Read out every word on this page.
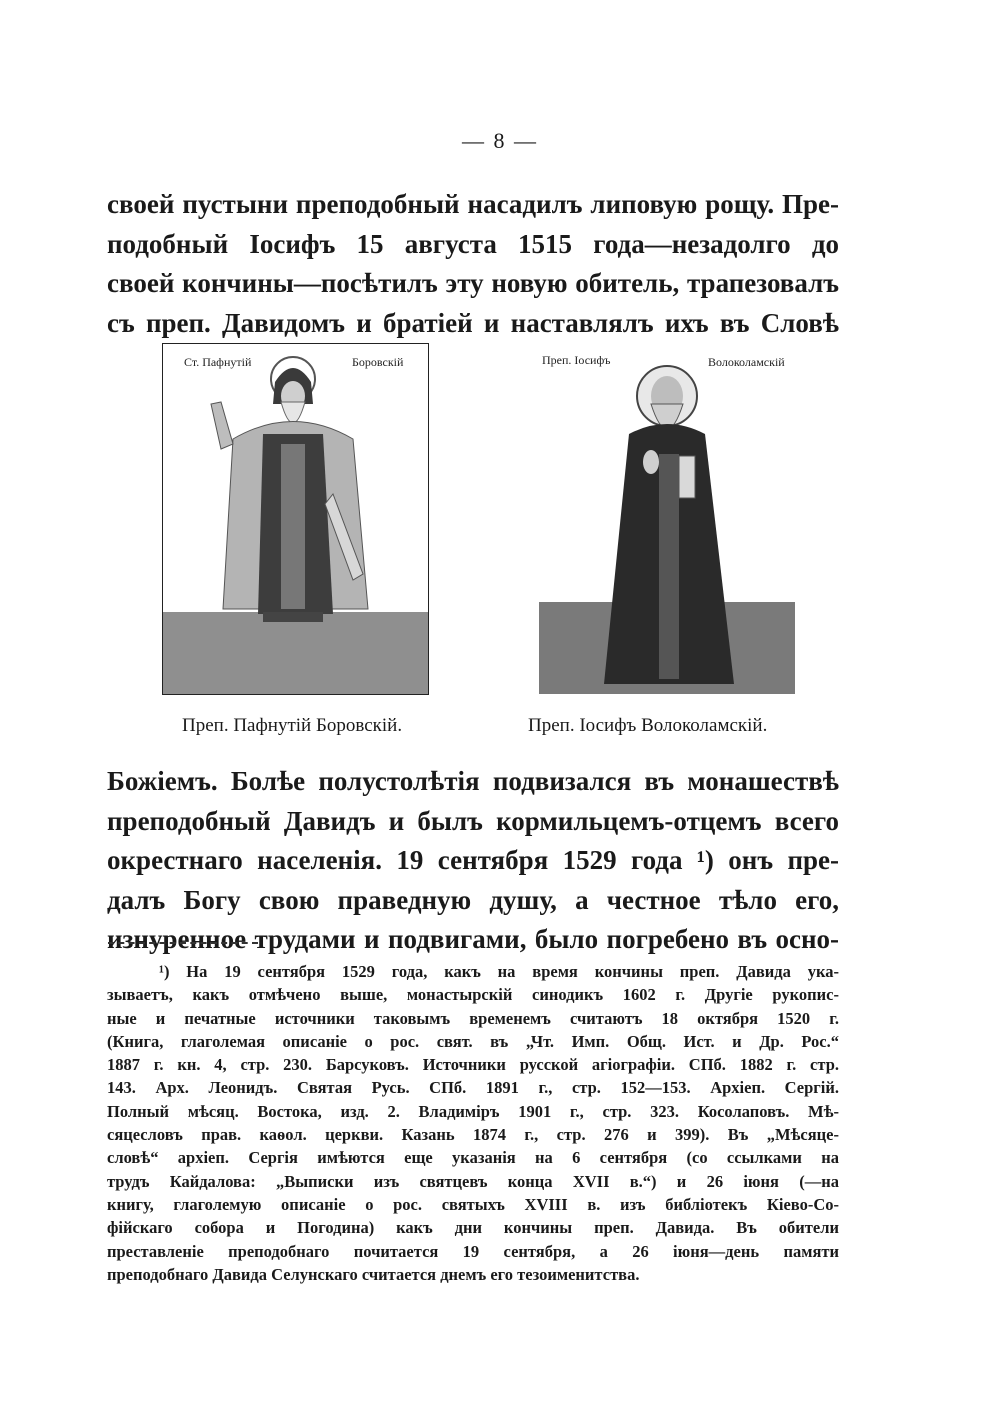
— 8 —
своей пустыни преподобный насадилъ липовую рощу. Пре-
подобный Іосифъ 15 августа 1515 года—незадолго до
своей кончины—посѣтилъ эту новую обитель, трапезовалъ
съ преп. Давидомъ и братіей и наставлялъ ихъ въ Словѣ
Ст. Пафнутій	Боровскій
Преп. Пафнутій Боровскій.
Преп. Іосифъ	Волоколамскій
Преп. Іосифъ Волоколамскій.
Божіемъ. Болѣе полустолѣтія подвизался въ монашествѣ
преподобный Давидъ и былъ кормильцемъ-отцемъ всего
окрестнаго населенія. 19 сентября 1529 года ¹) онъ пре-
далъ Богу свою праведную душу, а честное тѣло его,
изнуренное трудами и подвигами, было погребено въ осно-
¹) На 19 сентября 1529 года, какъ на время кончины преп. Давида ука-
зываетъ, какъ отмѣчено выше, монастырскій синодикъ 1602 г. Другіе рукопис-
ные и печатные источники таковымъ временемъ считаютъ 18 октября 1520 г.
(Книга, глаголемая описаніе о рос. свят. въ „Чт. Имп. Общ. Ист. и Др. Рос.“
1887 г. кн. 4, стр. 230. Барсуковъ. Источники русской агіографіи. СПб. 1882 г. стр.
143. Арх. Леонидъ. Святая Русь. СПб. 1891 г., стр. 152—153. Архіеп. Сергій.
Полный мѣсяц. Востока, изд. 2. Владиміръ 1901 г., стр. 323. Косолаповъ. Мѣ-
сяцесловъ прав. каѳол. церкви. Казань 1874 г., стр. 276 и 399). Въ „Мѣсяце-
словѣ“ архіеп. Сергія имѣются еще указанія на 6 сентября (со ссылками на
трудъ Кайдалова: „Выписки изъ святцевъ конца XVII в.“) и 26 іюня (—на
книгу, глаголемую описаніе о рос. святыхъ XVIII в. изъ библіотекъ Кіево-Со-
фійскаго собора и Погодина) какъ дни кончины преп. Давида. Въ обители
преставленіе преподобнаго почитается 19 сентября, а 26 іюня—день памяти
преподобнаго Давида Селунскаго считается днемъ его тезоименитства.
